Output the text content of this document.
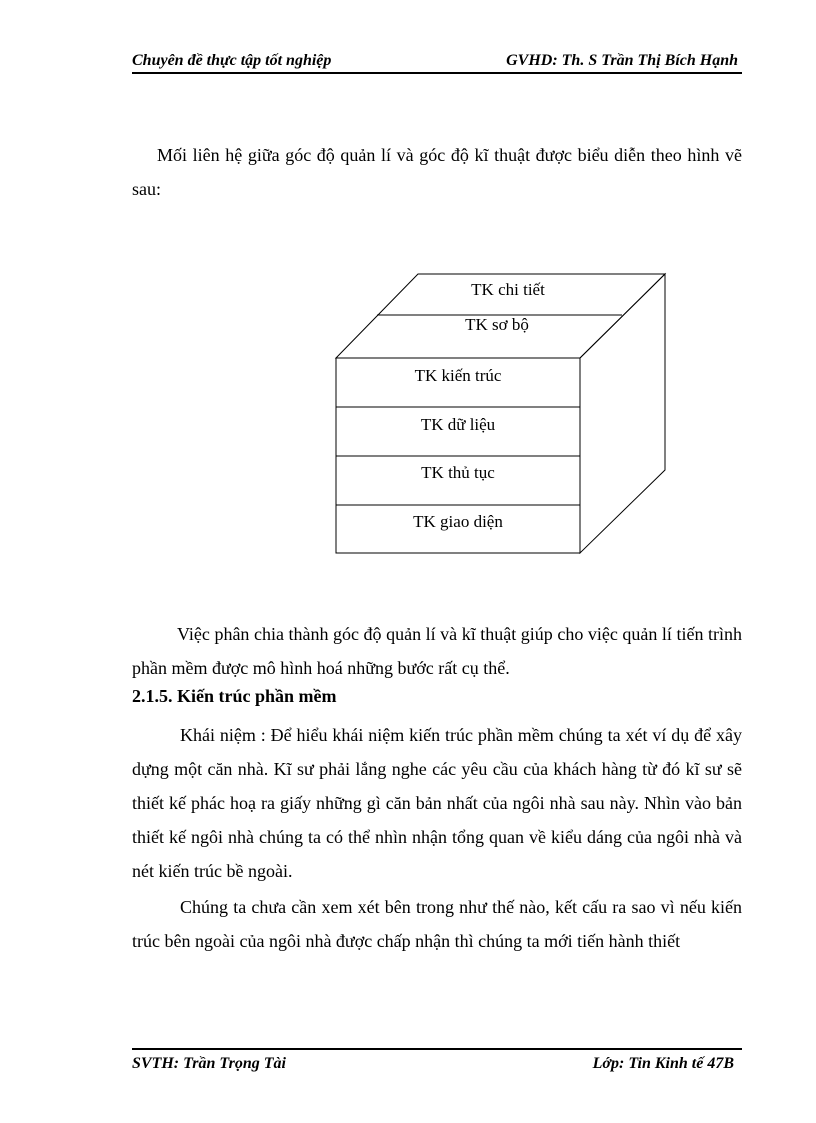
Chuyên đề thực tập tốt nghiệp	GVHD: Th. S Trần Thị Bích Hạnh

Mối liên hệ giữa góc độ quản lí và góc độ kĩ thuật được biểu diễn theo hình vẽ sau:

TK chi tiết
TK sơ bộ
TK kiến trúc
TK dữ liệu
TK thủ tục
TK giao diện

Việc phân chia thành góc độ quản lí và kĩ thuật giúp cho việc quản lí tiến trình phần mềm được mô hình hoá những bước rất cụ thể.

2.1.5. Kiến trúc phần mềm

Khái niệm : Để hiểu khái niệm kiến trúc phần mềm chúng ta xét ví dụ để xây dựng một căn nhà. Kĩ sư phải lắng nghe các yêu cầu của khách hàng từ đó kĩ sư sẽ thiết kế phác hoạ ra giấy những gì căn bản nhất của ngôi nhà sau này. Nhìn vào bản thiết kế ngôi nhà chúng ta có thể nhìn nhận tổng quan về kiểu dáng của ngôi nhà và nét kiến trúc bề ngoài.

Chúng ta chưa cần xem xét bên trong như thế nào, kết cấu ra sao vì nếu kiến trúc bên ngoài của ngôi nhà được chấp nhận thì chúng ta mới tiến hành thiết

SVTH: Trần Trọng Tài	Lớp: Tin Kinh tế 47B
